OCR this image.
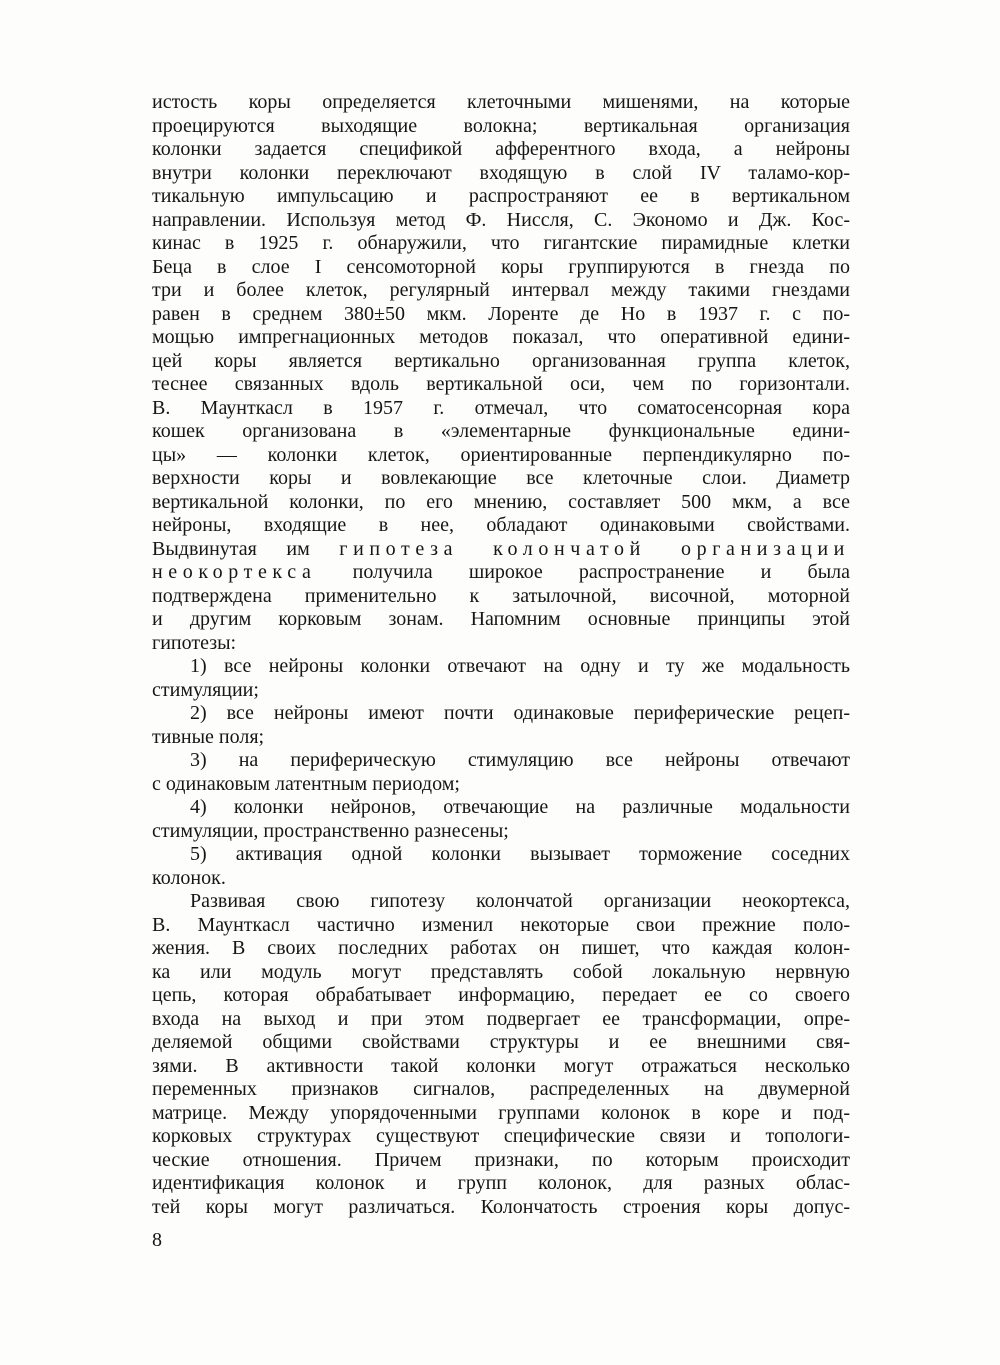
истость коры определяется клеточными мишенями, на которые
проецируются выходящие волокна; вертикальная организация
колонки задается спецификой афферентного входа, а нейроны
внутри колонки переключают входящую в слой IV таламо-кор-
тикальную импульсацию и распространяют ее в вертикальном
направлении. Используя метод Ф. Ниссля, С. Экономо и Дж. Кос-
кинас в 1925 г. обнаружили, что гигантские пирамидные клетки
Беца в слое I сенсомоторной коры группируются в гнезда по
три и более клеток, регулярный интервал между такими гнездами
равен в среднем 380±50 мкм. Лоренте де Но в 1937 г. с по-
мощью импрегнационных методов показал, что оперативной едини-
цей коры является вертикально организованная группа клеток,
теснее связанных вдоль вертикальной оси, чем по горизонтали.
В. Маунткасл в 1957 г. отмечал, что соматосенсорная кора
кошек организована в «элементарные функциональные едини-
цы» — колонки клеток, ориентированные перпендикулярно по-
верхности коры и вовлекающие все клеточные слои. Диаметр
вертикальной колонки, по его мнению, составляет 500 мкм, а все
нейроны, входящие в нее, обладают одинаковыми свойствами.
Выдвинутая им гипотеза колончатой организации
неокортекса получила широкое распространение и была
подтверждена применительно к затылочной, височной, моторной
и другим корковым зонам. Напомним основные принципы этой
гипотезы:
1) все нейроны колонки отвечают на одну и ту же модальность
стимуляции;
2) все нейроны имеют почти одинаковые периферические рецеп-
тивные поля;
3) на периферическую стимуляцию все нейроны отвечают
с одинаковым латентным периодом;
4) колонки нейронов, отвечающие на различные модальности
стимуляции, пространственно разнесены;
5) активация одной колонки вызывает торможение соседних
колонок.
Развивая свою гипотезу колончатой организации неокортекса,
В. Маунткасл частично изменил некоторые свои прежние поло-
жения. В своих последних работах он пишет, что каждая колон-
ка или модуль могут представлять собой локальную нервную
цепь, которая обрабатывает информацию, передает ее со своего
входа на выход и при этом подвергает ее трансформации, опре-
деляемой общими свойствами структуры и ее внешними свя-
зями. В активности такой колонки могут отражаться несколько
переменных признаков сигналов, распределенных на двумерной
матрице. Между упорядоченными группами колонок в коре и под-
корковых структурах существуют специфические связи и топологи-
ческие отношения. Причем признаки, по которым происходит
идентификация колонок и групп колонок, для разных облас-
тей коры могут различаться. Колончатость строения коры допус-
8
